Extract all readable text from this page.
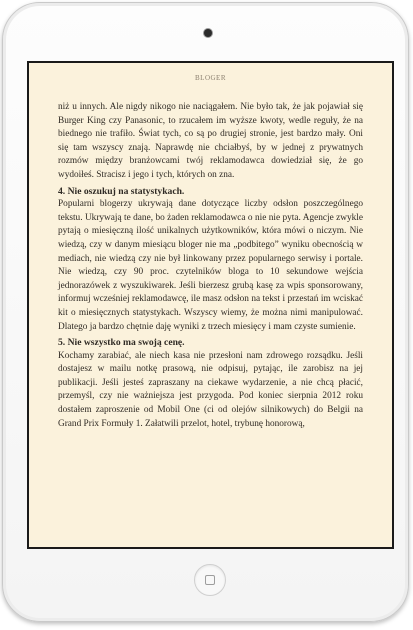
BLOGER

niż u innych. Ale nigdy nikogo nie naciągałem. Nie było tak, że jak pojawiał się Burger King czy Panasonic, to rzucałem im wyższe kwoty, wedle reguły, że na biednego nie trafiło. Świat tych, co są po drugiej stronie, jest bardzo mały. Oni się tam wszyscy znają. Naprawdę nie chciałbyś, by w jednej z prywatnych rozmów między branżowcami twój reklamodawca dowiedział się, że go wydoiłeś. Stracisz i jego i tych, których on zna.

4. Nie oszukuj na statystykach.

Popularni blogerzy ukrywają dane dotyczące liczby odsłon poszczególnego tekstu. Ukrywają te dane, bo żaden reklamodawca o nie nie pyta. Agencje zwykle pytają o miesięczną ilość unikalnych użytkowników, która mówi o niczym. Nie wiedzą, czy w danym miesiącu bloger nie ma „podbitego” wyniku obecnością w mediach, nie wiedzą czy nie był linkowany przez popularnego serwisy i portale. Nie wiedzą, czy 90 proc. czytelników bloga to 10 sekundowe wejścia jednorazówek z wyszukiwarek. Jeśli bierzesz grubą kasę za wpis sponsorowany, informuj wcześniej reklamodawcę, ile masz odsłon na tekst i przestań im wciskać kit o miesięcznych statystykach. Wszyscy wiemy, że można nimi manipulować. Dlatego ja bardzo chętnie daję wyniki z trzech miesięcy i mam czyste sumienie.

5. Nie wszystko ma swoją cenę.

Kochamy zarabiać, ale niech kasa nie przesłoni nam zdrowego rozsądku. Jeśli dostajesz w mailu notkę prasową, nie odpisuj, pytając, ile zarobisz na jej publikacji. Jeśli jesteś zapraszany na ciekawe wydarzenie, a nie chcą płacić, przemyśl, czy nie ważniejsza jest przygoda. Pod koniec sierpnia 2012 roku dostałem zaproszenie od Mobil One (ci od olejów silnikowych) do Belgii na Grand Prix Formuły 1. Załatwili przelot, hotel, trybunę honorową,
